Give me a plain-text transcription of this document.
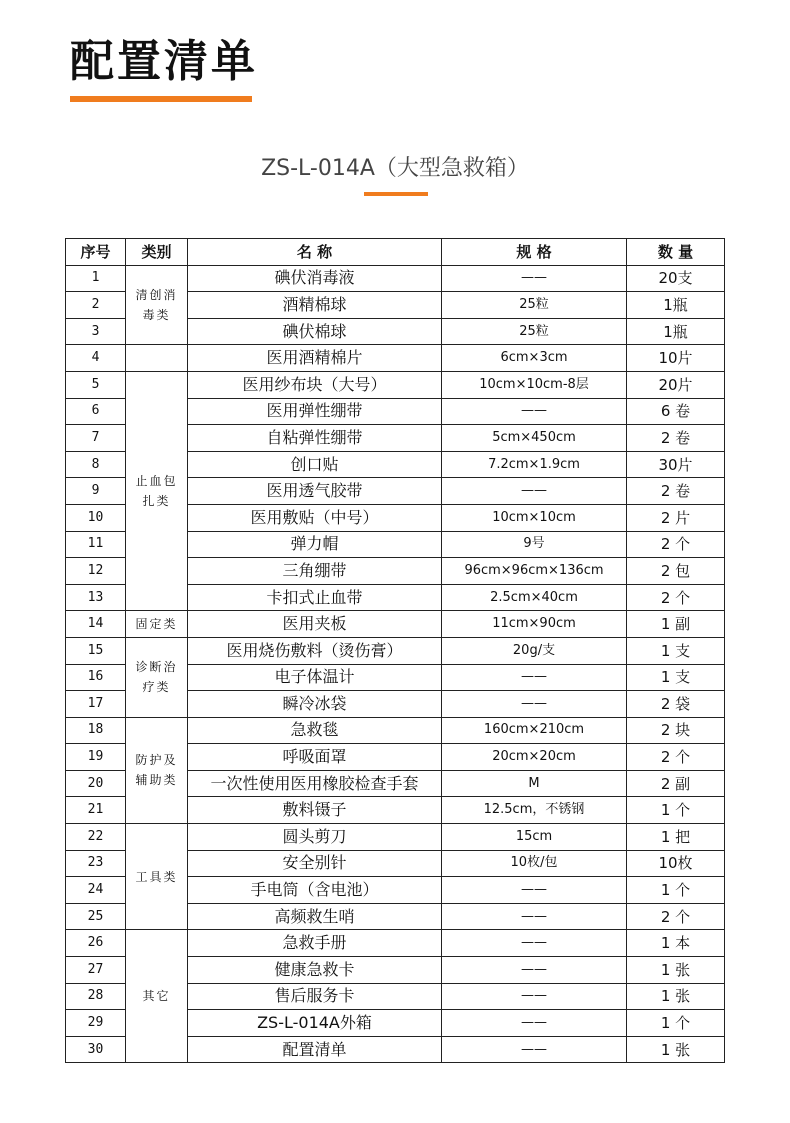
配置清单
ZS-L-014A（大型急救箱）
序号	类别	名 称	规 格	数 量
1	清创消毒类	碘伏消毒液	——	20支
2		酒精棉球	25粒	1瓶
3		碘伏棉球	25粒	1瓶
4		医用酒精棉片	6cm×3cm	10片
5	止血包扎类	医用纱布块（大号）	10cm×10cm-8层	20片
6		医用弹性绷带	——	6 卷
7		自粘弹性绷带	5cm×450cm	2 卷
8		创口贴	7.2cm×1.9cm	30片
9		医用透气胶带	——	2 卷
10		医用敷贴（中号）	10cm×10cm	2 片
11		弹力帽	9号	2 个
12		三角绷带	96cm×96cm×136cm	2 包
13		卡扣式止血带	2.5cm×40cm	2 个
14	固定类	医用夹板	11cm×90cm	1 副
15	诊断治疗类	医用烧伤敷料（烫伤膏）	20g/支	1 支
16		电子体温计	——	1 支
17		瞬冷冰袋	——	2 袋
18	防护及辅助类	急救毯	160cm×210cm	2 块
19		呼吸面罩	20cm×20cm	2 个
20		一次性使用医用橡胶检查手套	M	2 副
21		敷料镊子	12.5cm，不锈钢	1 个
22	工具类	圆头剪刀	15cm	1 把
23		安全别针	10枚/包	10枚
24		手电筒（含电池）	——	1 个
25		高频救生哨	——	2 个
26	其它	急救手册	——	1 本
27		健康急救卡	——	1 张
28		售后服务卡	——	1 张
29		ZS-L-014A外箱	——	1 个
30		配置清单	——	1 张
